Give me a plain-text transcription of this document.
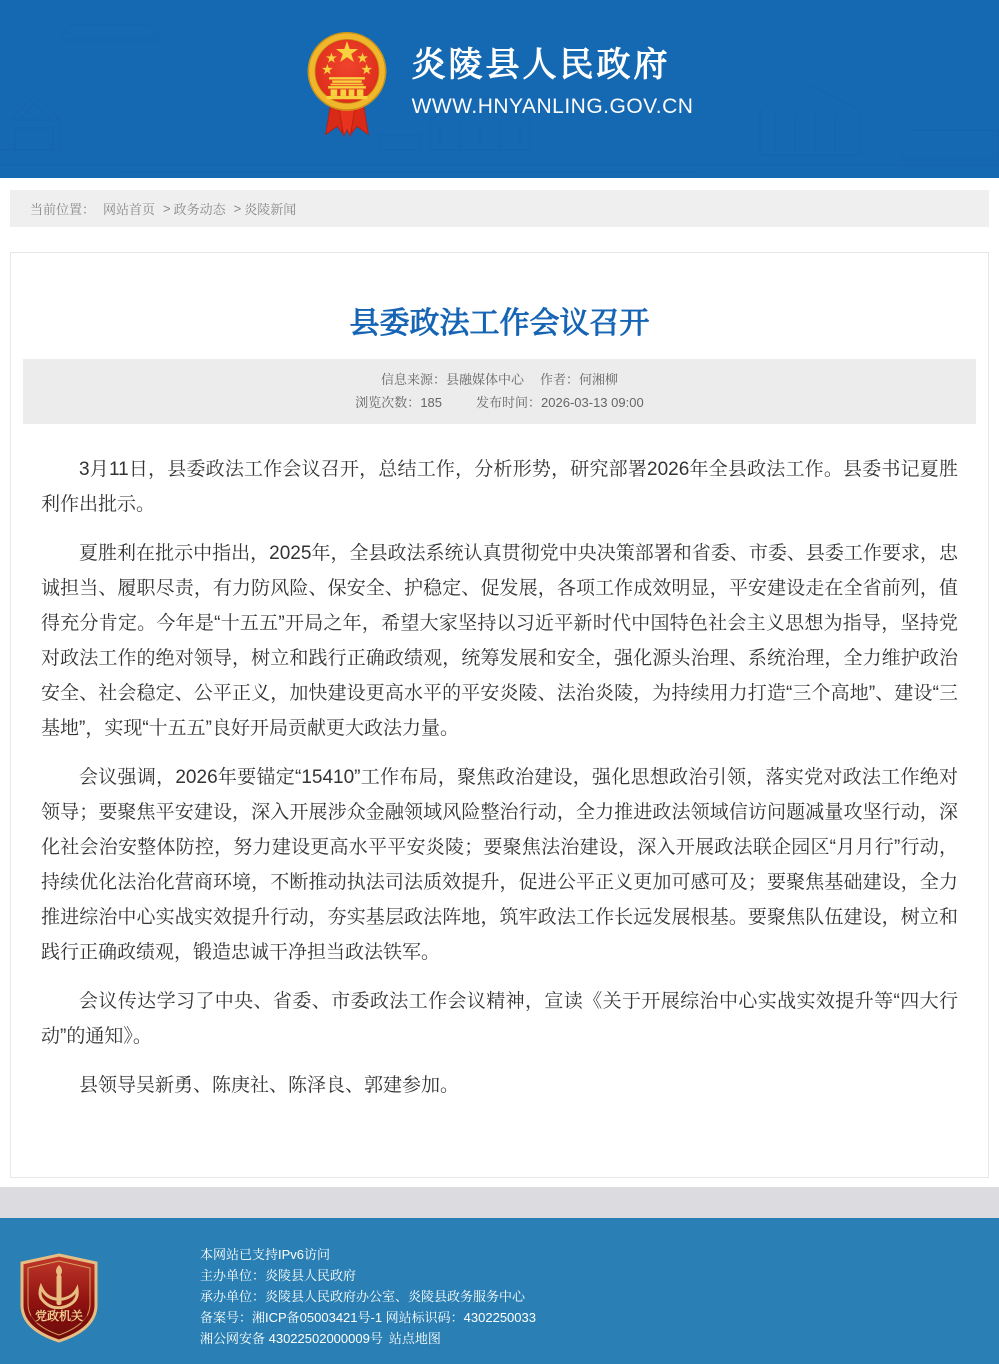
炎陵县人民政府
WWW.HNYANLING.GOV.CN
当前位置： 网站首页 > 政务动态 > 炎陵新闻
县委政法工作会议召开
信息来源：县融媒体中心 作者：何湘柳
浏览次数：185	发布时间：2026-03-13 09:00

3月11日，县委政法工作会议召开，总结工作，分析形势，研究部署2026年全县政法工作。县委书记夏胜利作出批示。

夏胜利在批示中指出，2025年，全县政法系统认真贯彻党中央决策部署和省委、市委、县委工作要求，忠诚担当、履职尽责，有力防风险、保安全、护稳定、促发展，各项工作成效明显，平安建设走在全省前列，值得充分肯定。今年是“十五五”开局之年，希望大家坚持以习近平新时代中国特色社会主义思想为指导，坚持党对政法工作的绝对领导，树立和践行正确政绩观，统筹发展和安全，强化源头治理、系统治理，全力维护政治安全、社会稳定、公平正义，加快建设更高水平的平安炎陵、法治炎陵，为持续用力打造“三个高地”、建设“三基地”，实现“十五五”良好开局贡献更大政法力量。

会议强调，2026年要锚定“15410”工作布局，聚焦政治建设，强化思想政治引领，落实党对政法工作绝对领导；要聚焦平安建设，深入开展涉众金融领域风险整治行动，全力推进政法领域信访问题减量攻坚行动，深化社会治安整体防控，努力建设更高水平平安炎陵；要聚焦法治建设，深入开展政法联企园区“月月行”行动，持续优化法治化营商环境，不断推动执法司法质效提升，促进公平正义更加可感可及；要聚焦基础建设，全力推进综治中心实战实效提升行动，夯实基层政法阵地，筑牢政法工作长远发展根基。要聚焦队伍建设，树立和践行正确政绩观，锻造忠诚干净担当政法铁军。

会议传达学习了中央、省委、市委政法工作会议精神，宣读《关于开展综治中心实战实效提升等“四大行动”的通知》。

县领导吴新勇、陈庚社、陈泽良、郭建参加。

党政机关
本网站已支持IPv6访问
主办单位：炎陵县人民政府
承办单位：炎陵县人民政府办公室、炎陵县政务服务中心
备案号：湘ICP备05003421号-1 网站标识码：4302250033
湘公网安备 43022502000009号 站点地图
